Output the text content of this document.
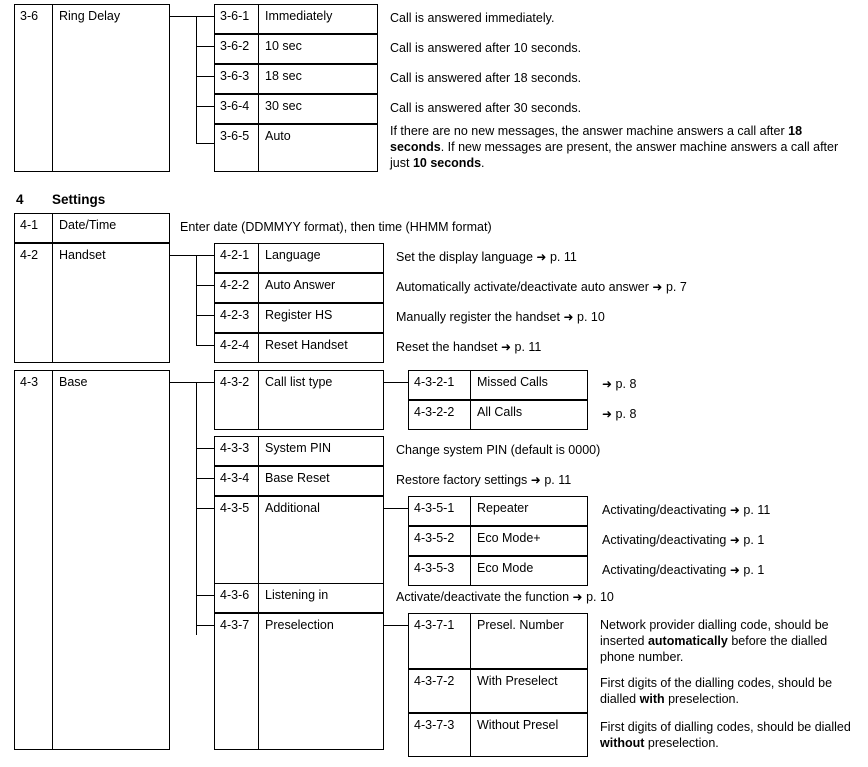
3-6	Ring Delay	3-6-1	Immediately	Call is answered immediately.
3-6-2	10 sec	Call is answered after 10 seconds.
3-6-3	18 sec	Call is answered after 18 seconds.
3-6-4	30 sec	Call is answered after 30 seconds.
3-6-5	Auto	If there are no new messages, the answer machine answers a call after 18 seconds. If new messages are present, the answer machine answers a call after just 10 seconds.
4 Settings
4-1	Date/Time	Enter date (DDMMYY format), then time (HHMM format)
4-2	Handset	4-2-1	Language	Set the display language ➜ p. 11
4-2-2	Auto Answer	Automatically activate/deactivate auto answer ➜ p. 7
4-2-3	Register HS	Manually register the handset ➜ p. 10
4-2-4	Reset Handset	Reset the handset ➜ p. 11
4-3	Base	4-3-2	Call list type	4-3-2-1	Missed Calls	➜ p. 8
4-3-2-2	All Calls	➜ p. 8
4-3-3	System PIN	Change system PIN (default is 0000)
4-3-4	Base Reset	Restore factory settings ➜ p. 11
4-3-5	Additional	4-3-5-1	Repeater	Activating/deactivating ➜ p. 11
4-3-5-2	Eco Mode+	Activating/deactivating ➜ p. 1
4-3-5-3	Eco Mode	Activating/deactivating ➜ p. 1
4-3-6	Listening in	Activate/deactivate the function ➜ p. 10
4-3-7	Preselection	4-3-7-1	Presel. Number	Network provider dialling code, should be inserted automatically before the dialled phone number.
4-3-7-2	With Preselect	First digits of the dialling codes, should be dialled with preselection.
4-3-7-3	Without Presel	First digits of dialling codes, should be dialled without preselection.
